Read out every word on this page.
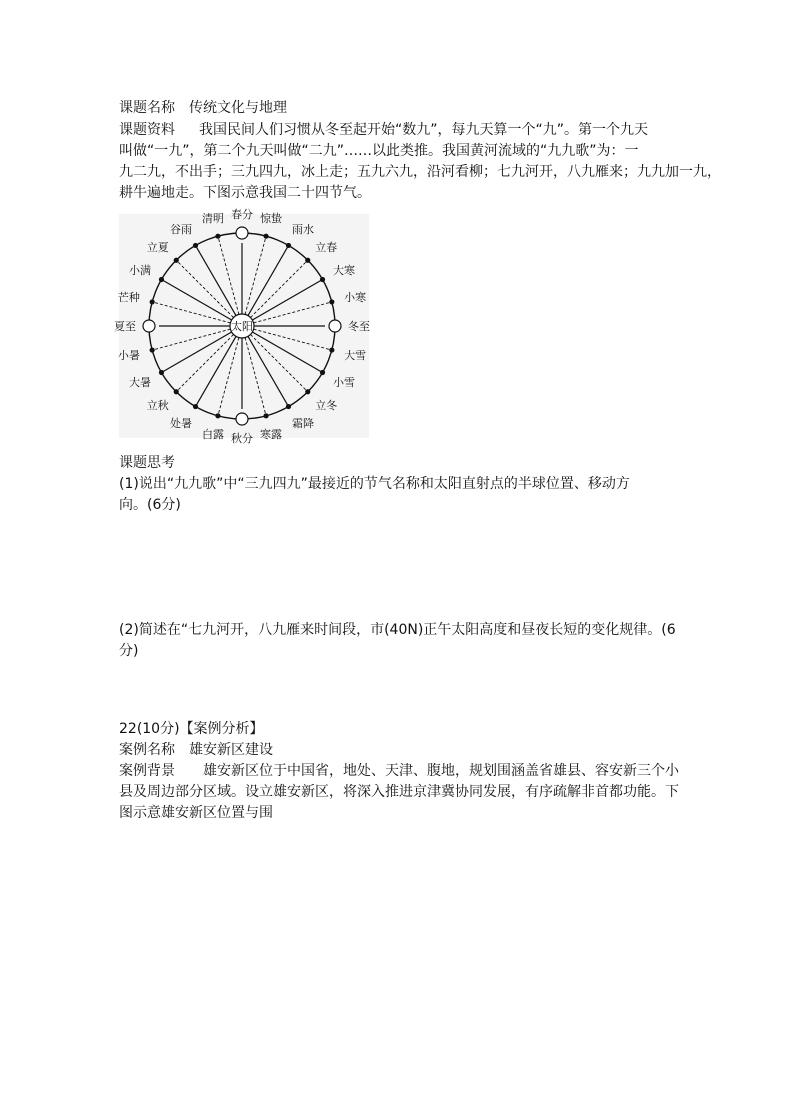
课题名称 传统文化与地理
课题资料 我国民间人们习惯从冬至起开始“数九”，每九天算一个“九”。第一个九天
叫做“一九”，第二个九天叫做“二九”……以此类推。我国黄河流域的“九九歌”为：一
九二九，不出手；三九四九，冰上走；五九六九，沿河看柳；七九河开，八九雁来；九九加一九，
耕牛遍地走。下图示意我国二十四节气。
冬至
小寒
大寒
立春
雨水
惊蛰
春分
清明
谷雨
立夏
小满
芒种
夏至
小暑
大暑
立秋
处暑
白露 秋分 寒露
霜降
立冬
小雪
大雪
太阳
课题思考
(1)说出“九九歌”中“三九四九”最接近的节气名称和太阳直射点的半球位置、移动方
向。(6分)
(2)简述在“七九河开，八九雁来时间段，市(40N)正午太阳高度和昼夜长短的变化规律。(6
分)
22(10分)【案例分析】
案例名称 雄安新区建设
案例背景 雄安新区位于中国省，地处、天津、腹地，规划围涵盖省雄县、容安新三个小
县及周边部分区域。设立雄安新区，将深入推进京津冀协同发展，有序疏解非首都功能。下
图示意雄安新区位置与围
